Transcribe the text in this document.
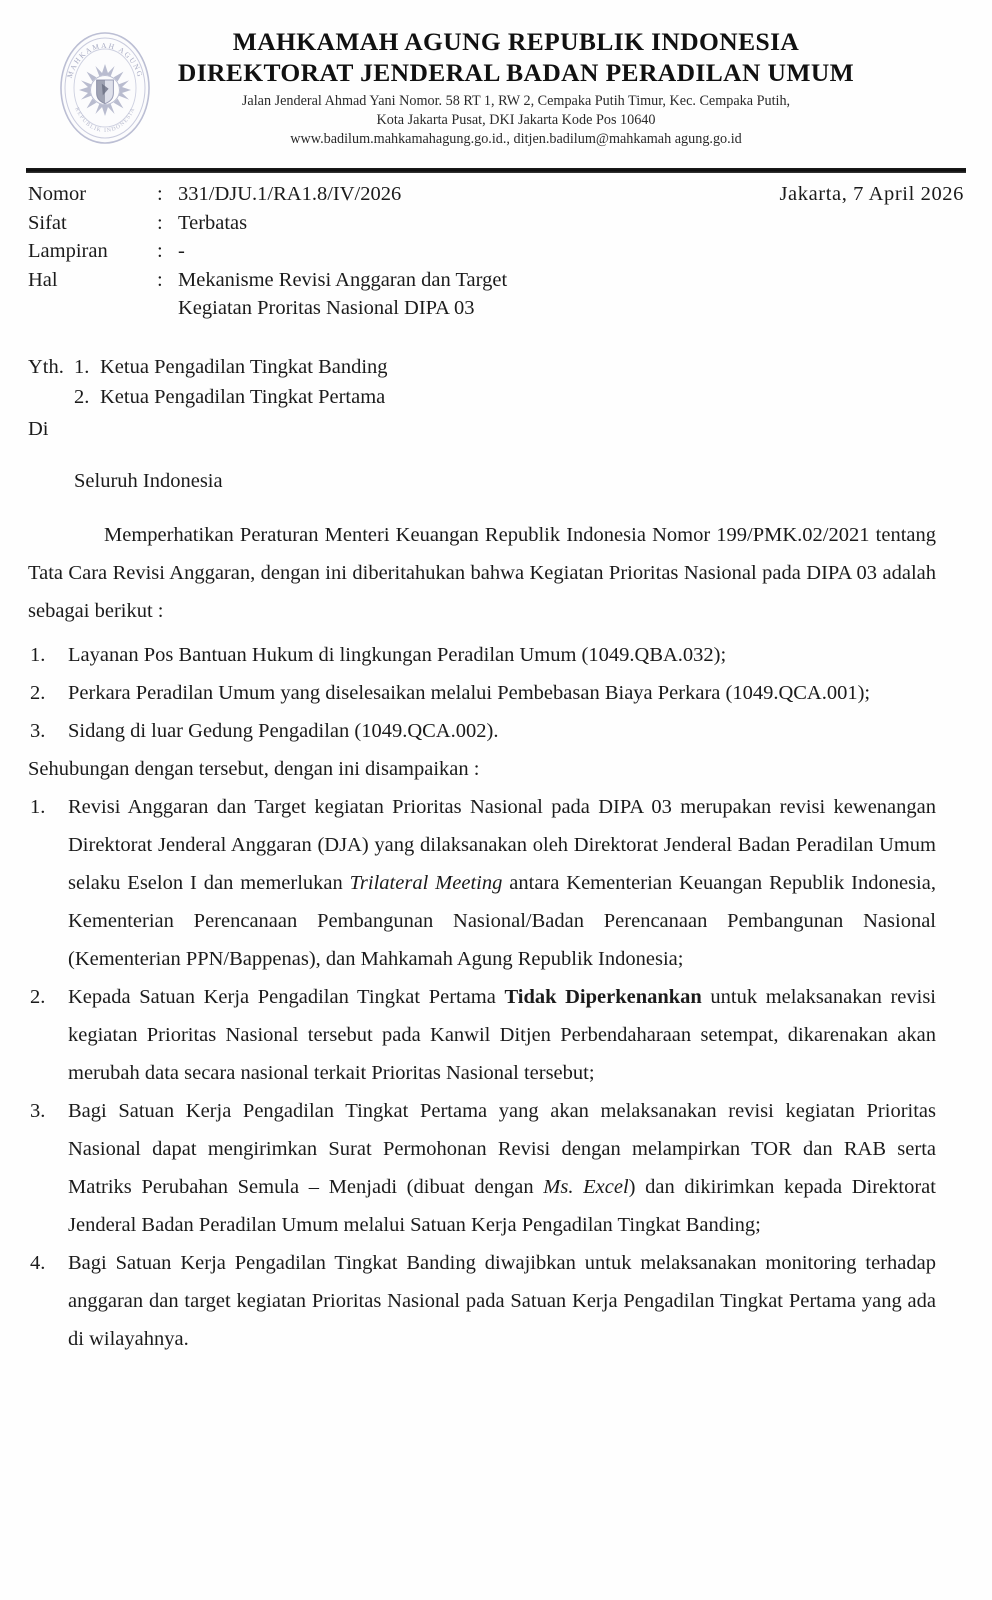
MAHKAMAH AGUNG
REPUBLIK INDONESIA
MAHKAMAH AGUNG REPUBLIK INDONESIA
DIREKTORAT JENDERAL BADAN PERADILAN UMUM
Jalan Jenderal Ahmad Yani Nomor. 58 RT 1, RW 2, Cempaka Putih Timur, Kec. Cempaka Putih,
Kota Jakarta Pusat, DKI Jakarta Kode Pos 10640
www.badilum.mahkamahagung.go.id., ditjen.badilum@mahkamah agung.go.id
Nomor	: 331/DJU.1/RA1.8/IV/2026
Sifat	: Terbatas
Lampiran	: -
Hal	: Mekanisme Revisi Anggaran dan Target
Kegiatan Proritas Nasional DIPA 03
Jakarta, 7 April 2026
Yth. 1. Ketua Pengadilan Tingkat Banding
2. Ketua Pengadilan Tingkat Pertama
Di
Seluruh Indonesia

Memperhatikan Peraturan Menteri Keuangan Republik Indonesia Nomor 199/PMK.02/2021 tentang Tata Cara Revisi Anggaran, dengan ini diberitahukan bahwa Kegiatan Prioritas Nasional pada DIPA 03 adalah sebagai berikut :

1.	Layanan Pos Bantuan Hukum di lingkungan Peradilan Umum (1049.QBA.032);
2.	Perkara Peradilan Umum yang diselesaikan melalui Pembebasan Biaya Perkara (1049.QCA.001);
3.	Sidang di luar Gedung Pengadilan (1049.QCA.002).

Sehubungan dengan tersebut, dengan ini disampaikan :

1.	Revisi Anggaran dan Target kegiatan Prioritas Nasional pada DIPA 03 merupakan revisi kewenangan Direktorat Jenderal Anggaran (DJA) yang dilaksanakan oleh Direktorat Jenderal Badan Peradilan Umum selaku Eselon I dan memerlukan Trilateral Meeting antara Kementerian Keuangan Republik Indonesia, Kementerian Perencanaan Pembangunan Nasional/Badan Perencanaan Pembangunan Nasional (Kementerian PPN/Bappenas), dan Mahkamah Agung Republik Indonesia;
2.	Kepada Satuan Kerja Pengadilan Tingkat Pertama Tidak Diperkenankan untuk melaksanakan revisi kegiatan Prioritas Nasional tersebut pada Kanwil Ditjen Perbendaharaan setempat, dikarenakan akan merubah data secara nasional terkait Prioritas Nasional tersebut;
3.	Bagi Satuan Kerja Pengadilan Tingkat Pertama yang akan melaksanakan revisi kegiatan Prioritas Nasional dapat mengirimkan Surat Permohonan Revisi dengan melampirkan TOR dan RAB serta Matriks Perubahan Semula – Menjadi (dibuat dengan Ms. Excel) dan dikirimkan kepada Direktorat Jenderal Badan Peradilan Umum melalui Satuan Kerja Pengadilan Tingkat Banding;
4.	Bagi Satuan Kerja Pengadilan Tingkat Banding diwajibkan untuk melaksanakan monitoring terhadap anggaran dan target kegiatan Prioritas Nasional pada Satuan Kerja Pengadilan Tingkat Pertama yang ada di wilayahnya.
